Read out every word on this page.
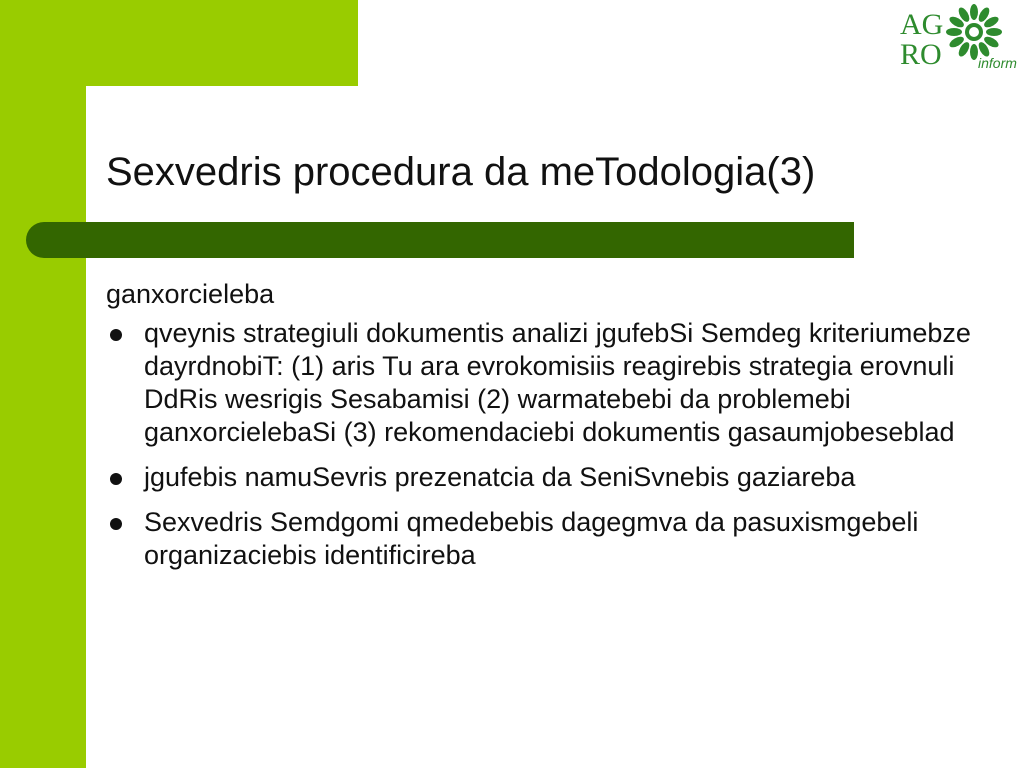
Sexvedris procedura da meTodologia(3)
ganxorcieleba
qveynis strategiuli dokumentis analizi jgufebSi Semdeg kriteriumebze dayrdnobiT: (1) aris Tu ara evrokomisiis reagirebis strategia erovnuli DdRis wesrigis Sesabamisi (2) warmatebebi da problemebi ganxorcielebaSi (3) rekomendaciebi dokumentis gasaumjobeseblad
jgufebis namuSevris prezenatcia da SeniSvnebis gaziareba
Sexvedris Semdgomi qmedebebis dagegmva da pasuxismgebeli organizaciebis identificireba
AG
RO	inform
